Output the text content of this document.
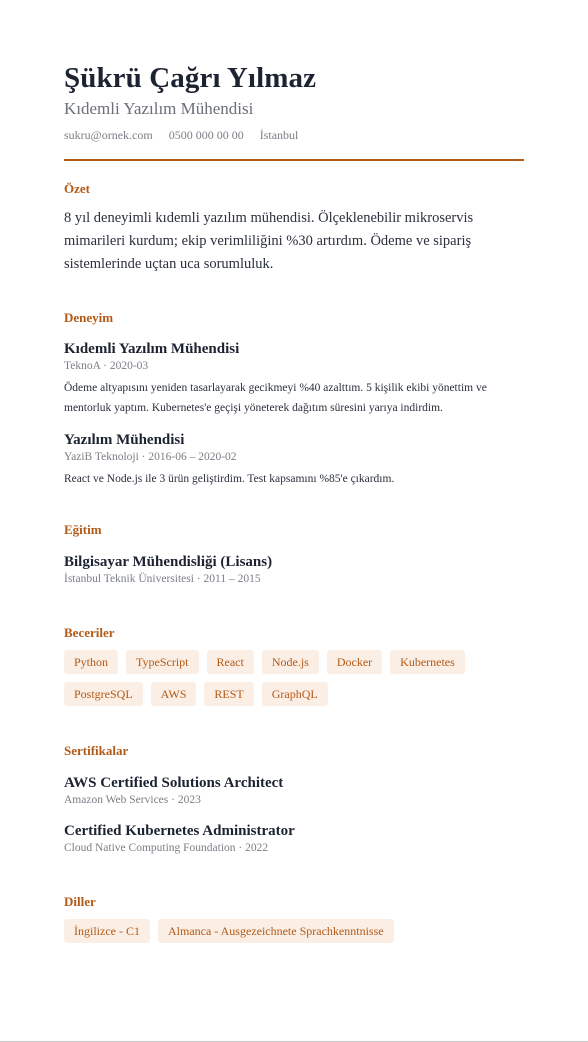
Şükrü Çağrı Yılmaz
Kıdemli Yazılım Mühendisi
sukru@ornek.com 0500 000 00 00 İstanbul
Özet
8 yıl deneyimli kıdemli yazılım mühendisi. Ölçeklenebilir mikroservis mimarileri kurdum; ekip verimliliğini %30 artırdım. Ödeme ve sipariş sistemlerinde uçtan uca sorumluluk.
Deneyim
Kıdemli Yazılım Mühendisi
TeknoA · 2020-03
Ödeme altyapısını yeniden tasarlayarak gecikmeyi %40 azalttım. 5 kişilik ekibi yönettim ve mentorluk yaptım. Kubernetes'e geçişi yöneterek dağıtım süresini yarıya indirdim.
Yazılım Mühendisi
YaziB Teknoloji · 2016-06 – 2020-02
React ve Node.js ile 3 ürün geliştirdim. Test kapsamını %85'e çıkardım.
Eğitim
Bilgisayar Mühendisliği (Lisans)
İstanbul Teknik Üniversitesi · 2011 – 2015
Beceriler
Python	TypeScript	React	Node.js	Docker	Kubernetes
PostgreSQL	AWS	REST	GraphQL
Sertifikalar
AWS Certified Solutions Architect
Amazon Web Services · 2023
Certified Kubernetes Administrator
Cloud Native Computing Foundation · 2022
Diller
İngilizce - C1	Almanca - Ausgezeichnete Sprachkenntnisse
